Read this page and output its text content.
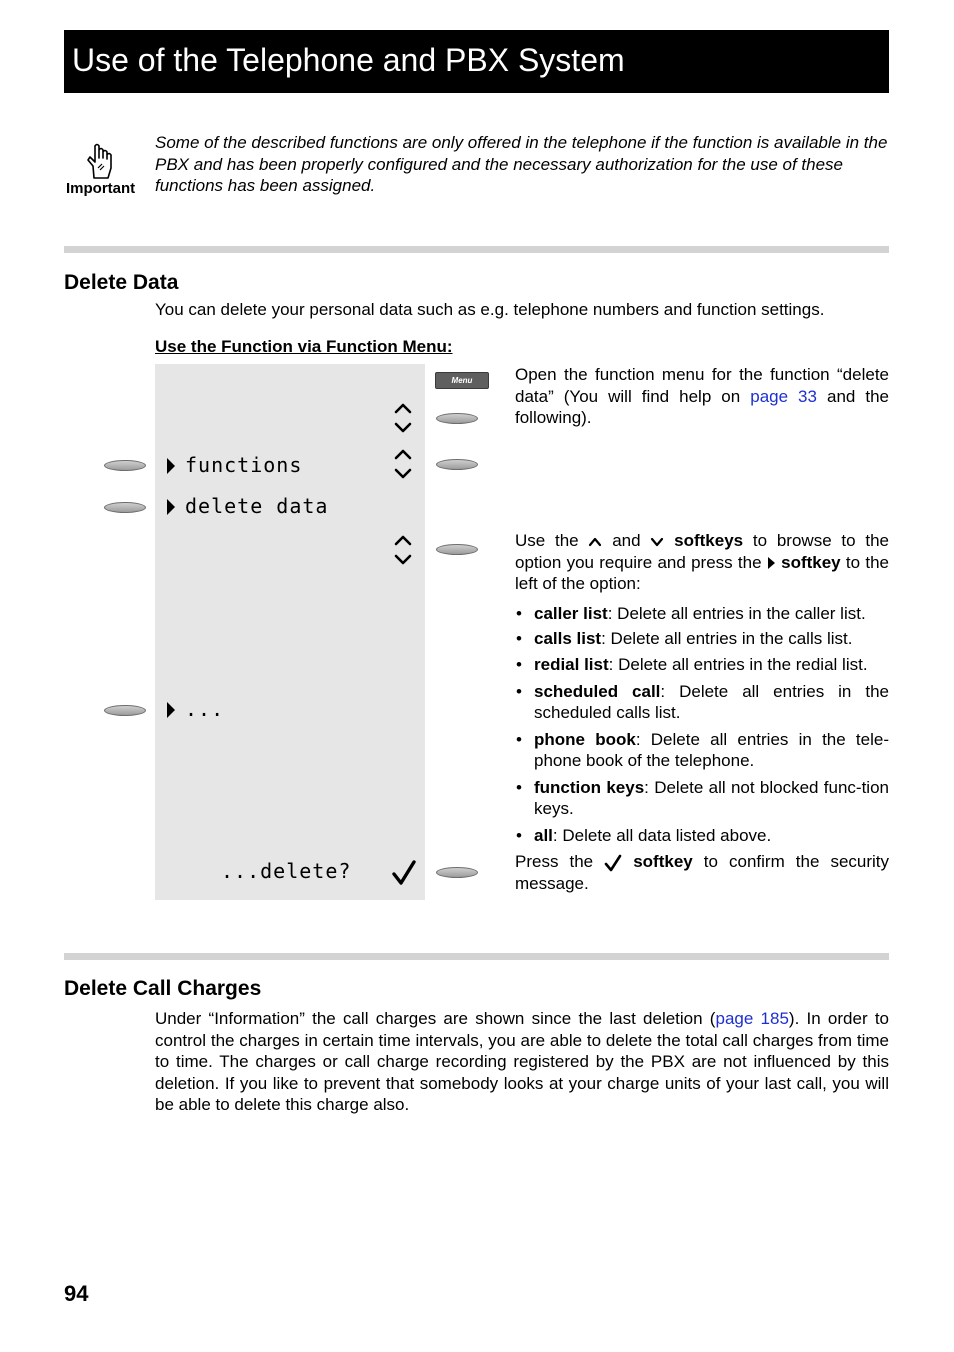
Use of the Telephone and PBX System
Important
Some of the described functions are only offered in the telephone if the function is available in the PBX and has been properly configured and the necessary authorization for the use of these functions has been assigned.
Delete Data
You can delete your personal data such as e.g. telephone numbers and function settings.
Use the Function via Function Menu:
functions
delete data
...
...delete?
Menu	Open the function menu for the function “delete data” (You will find help on page 33 and the following).
Use the and softkeys to browse to the option you require and press the softkey to the left of the option:
• caller list: Delete all entries in the caller list.
• calls list: Delete all entries in the calls list.
• redial list: Delete all entries in the redial list.
• scheduled call: Delete all entries in the scheduled calls list.
• phone book: Delete all entries in the tele-phone book of the telephone.
• function keys: Delete all not blocked func-tion keys.
• all: Delete all data listed above.
Press the softkey to confirm the security message.
Delete Call Charges
Under “Information” the call charges are shown since the last deletion (page 185). In order to control the charges in certain time intervals, you are able to delete the total call charges from time to time. The charges or call charge recording registered by the PBX are not influenced by this deletion. If you like to prevent that somebody looks at your charge units of your last call, you will be able to delete this charge also.
94
